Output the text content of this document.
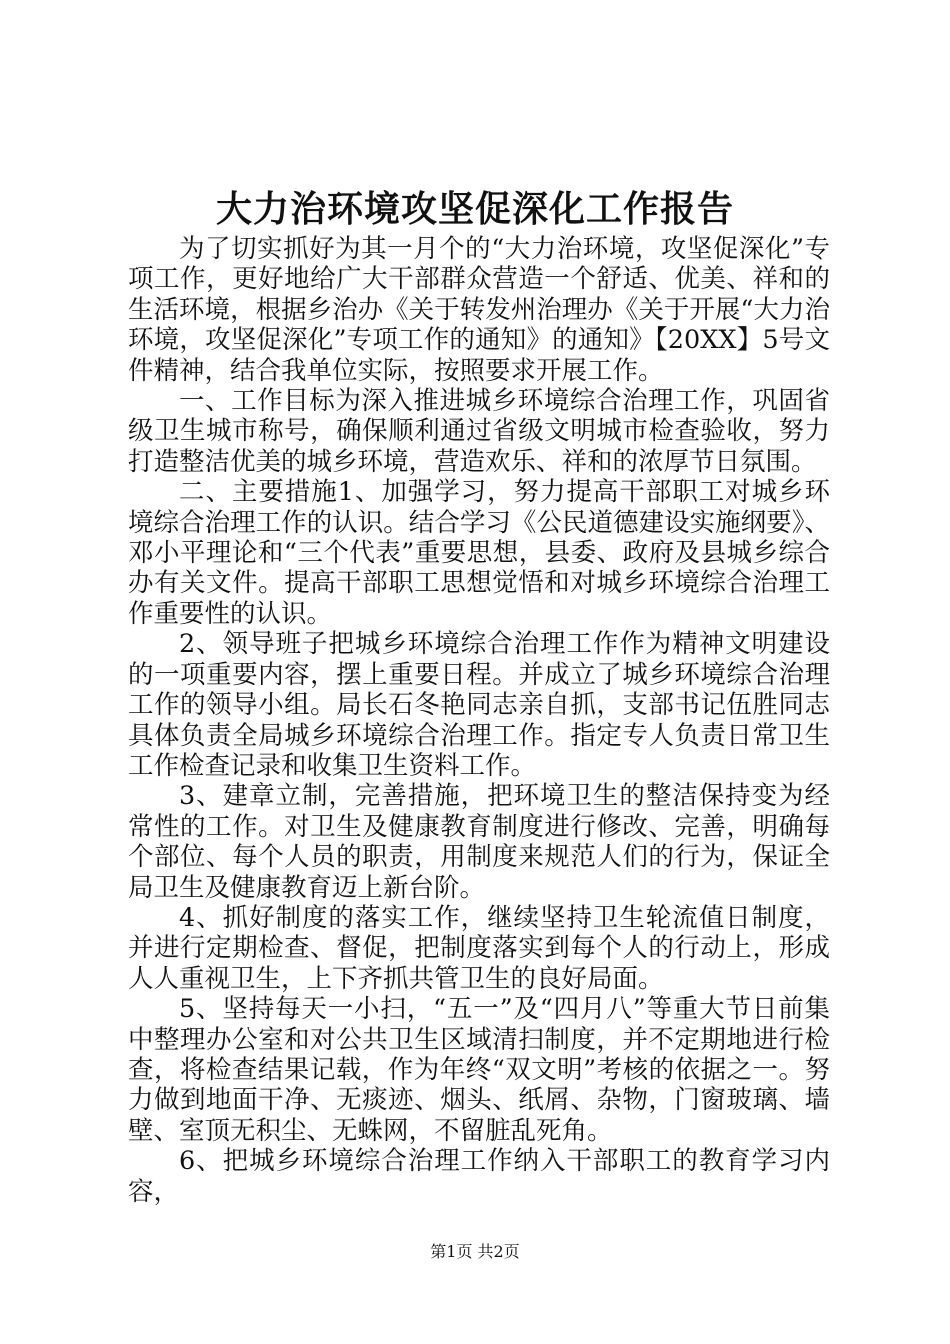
大力治环境攻坚促深化工作报告

为了切实抓好为其一月个的“大力治环境，攻坚促深化”专项工作，更好地给广大干部群众营造一个舒适、优美、祥和的生活环境，根据乡治办《关于转发州治理办《关于开展“大力治环境，攻坚促深化”专项工作的通知》的通知》【20XX】5号文件精神，结合我单位实际，按照要求开展工作。

一、工作目标为深入推进城乡环境综合治理工作，巩固省级卫生城市称号，确保顺利通过省级文明城市检查验收，努力打造整洁优美的城乡环境，营造欢乐、祥和的浓厚节日氛围。

二、主要措施1、加强学习，努力提高干部职工对城乡环境综合治理工作的认识。结合学习《公民道德建设实施纲要》、邓小平理论和“三个代表”重要思想，县委、政府及县城乡综合办有关文件。提高干部职工思想觉悟和对城乡环境综合治理工作重要性的认识。

2、领导班子把城乡环境综合治理工作作为精神文明建设的一项重要内容，摆上重要日程。并成立了城乡环境综合治理工作的领导小组。局长石冬艳同志亲自抓，支部书记伍胜同志具体负责全局城乡环境综合治理工作。指定专人负责日常卫生工作检查记录和收集卫生资料工作。

3、建章立制，完善措施，把环境卫生的整洁保持变为经常性的工作。对卫生及健康教育制度进行修改、完善，明确每个部位、每个人员的职责，用制度来规范人们的行为，保证全局卫生及健康教育迈上新台阶。

4、抓好制度的落实工作，继续坚持卫生轮流值日制度，并进行定期检查、督促，把制度落实到每个人的行动上，形成人人重视卫生，上下齐抓共管卫生的良好局面。

5、坚持每天一小扫，“五一”及“四月八”等重大节日前集中整理办公室和对公共卫生区域清扫制度，并不定期地进行检查，将检查结果记载，作为年终“双文明”考核的依据之一。努力做到地面干净、无痰迹、烟头、纸屑、杂物，门窗玻璃、墙壁、室顶无积尘、无蛛网，不留脏乱死角。

6、把城乡环境综合治理工作纳入干部职工的教育学习内容，

第1页 共2页
